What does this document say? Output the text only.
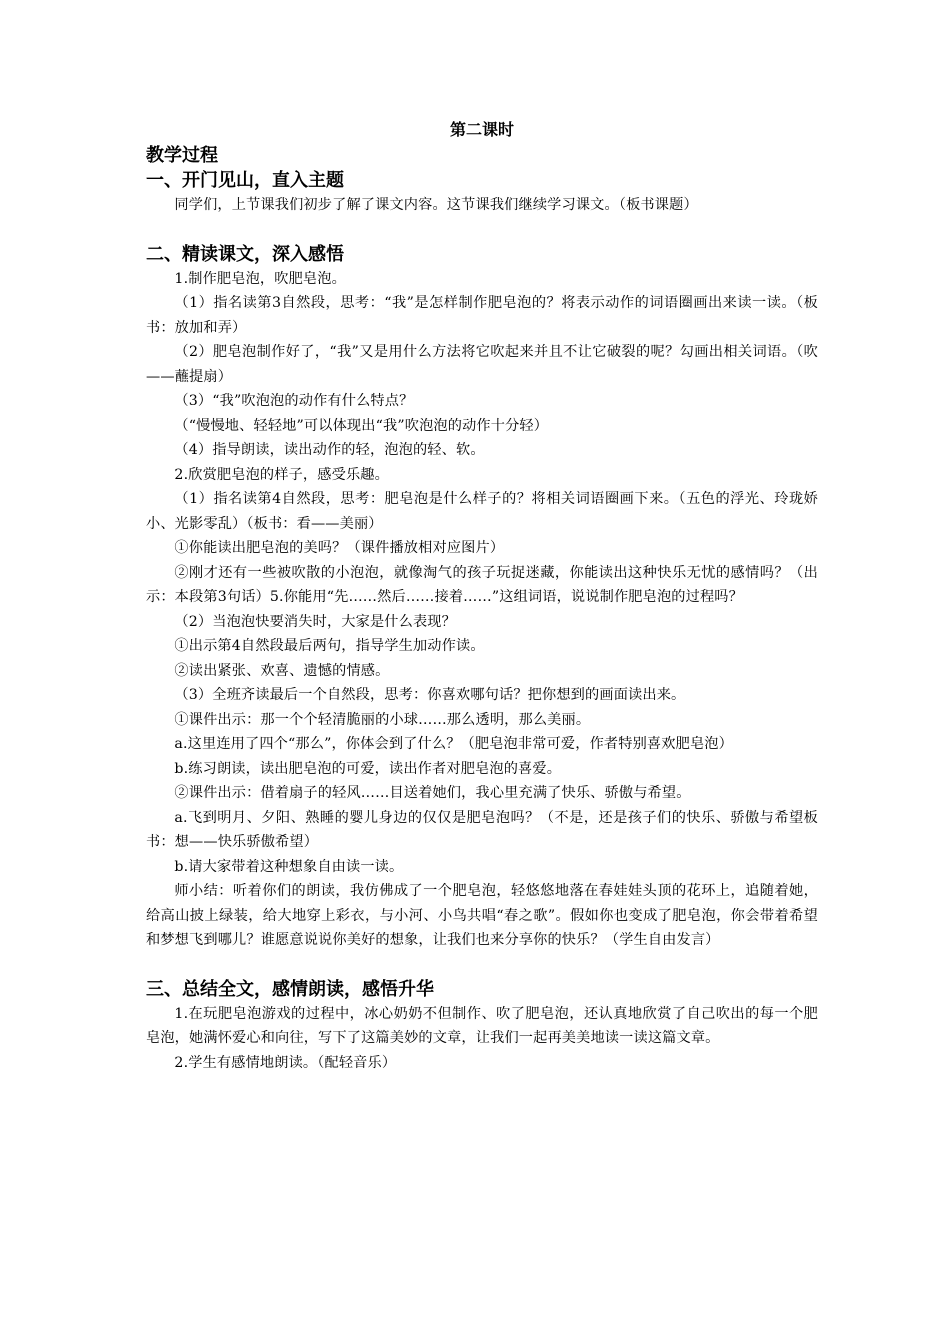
第二课时
教学过程
一、开门见山，直入主题

同学们，上节课我们初步了解了课文内容。这节课我们继续学习课文。（板书课题）

二、精读课文，深入感悟

1.制作肥皂泡，吹肥皂泡。

（1）指名读第3自然段，思考：“我”是怎样制作肥皂泡的？将表示动作的词语圈画出来读一读。（板书：放加和弄）

（2）肥皂泡制作好了，“我”又是用什么方法将它吹起来并且不让它破裂的呢？勾画出相关词语。（吹——蘸提扇）

（3）“我”吹泡泡的动作有什么特点？

（“慢慢地、轻轻地”可以体现出“我”吹泡泡的动作十分轻）

（4）指导朗读，读出动作的轻，泡泡的轻、软。

2.欣赏肥皂泡的样子，感受乐趣。

（1）指名读第4自然段，思考：肥皂泡是什么样子的？将相关词语圈画下来。（五色的浮光、玲珑娇小、光影零乱）（板书：看——美丽）

①你能读出肥皂泡的美吗？（课件播放相对应图片）

②刚才还有一些被吹散的小泡泡，就像淘气的孩子玩捉迷藏，你能读出这种快乐无忧的感情吗？（出示：本段第3句话）5.你能用“先……然后……接着……”这组词语，说说制作肥皂泡的过程吗？

（2）当泡泡快要消失时，大家是什么表现？

①出示第4自然段最后两句，指导学生加动作读。

②读出紧张、欢喜、遗憾的情感。

（3）全班齐读最后一个自然段，思考：你喜欢哪句话？把你想到的画面读出来。

①课件出示：那一个个轻清脆丽的小球……那么透明，那么美丽。

a.这里连用了四个“那么”，你体会到了什么？（肥皂泡非常可爱，作者特别喜欢肥皂泡）

b.练习朗读，读出肥皂泡的可爱，读出作者对肥皂泡的喜爱。

②课件出示：借着扇子的轻风……目送着她们，我心里充满了快乐、骄傲与希望。

a.飞到明月、夕阳、熟睡的婴儿身边的仅仅是肥皂泡吗？（不是，还是孩子们的快乐、骄傲与希望板书：想——快乐骄傲希望）

b.请大家带着这种想象自由读一读。

师小结：听着你们的朗读，我仿佛成了一个肥皂泡，轻悠悠地落在春娃娃头顶的花环上，追随着她，给高山披上绿装，给大地穿上彩衣，与小河、小鸟共唱“春之歌”。假如你也变成了肥皂泡，你会带着希望和梦想飞到哪儿？谁愿意说说你美好的想象，让我们也来分享你的快乐？（学生自由发言）

三、总结全文，感情朗读，感悟升华

1.在玩肥皂泡游戏的过程中，冰心奶奶不但制作、吹了肥皂泡，还认真地欣赏了自己吹出的每一个肥皂泡，她满怀爱心和向往，写下了这篇美妙的文章，让我们一起再美美地读一读这篇文章。

2.学生有感情地朗读。（配轻音乐）
